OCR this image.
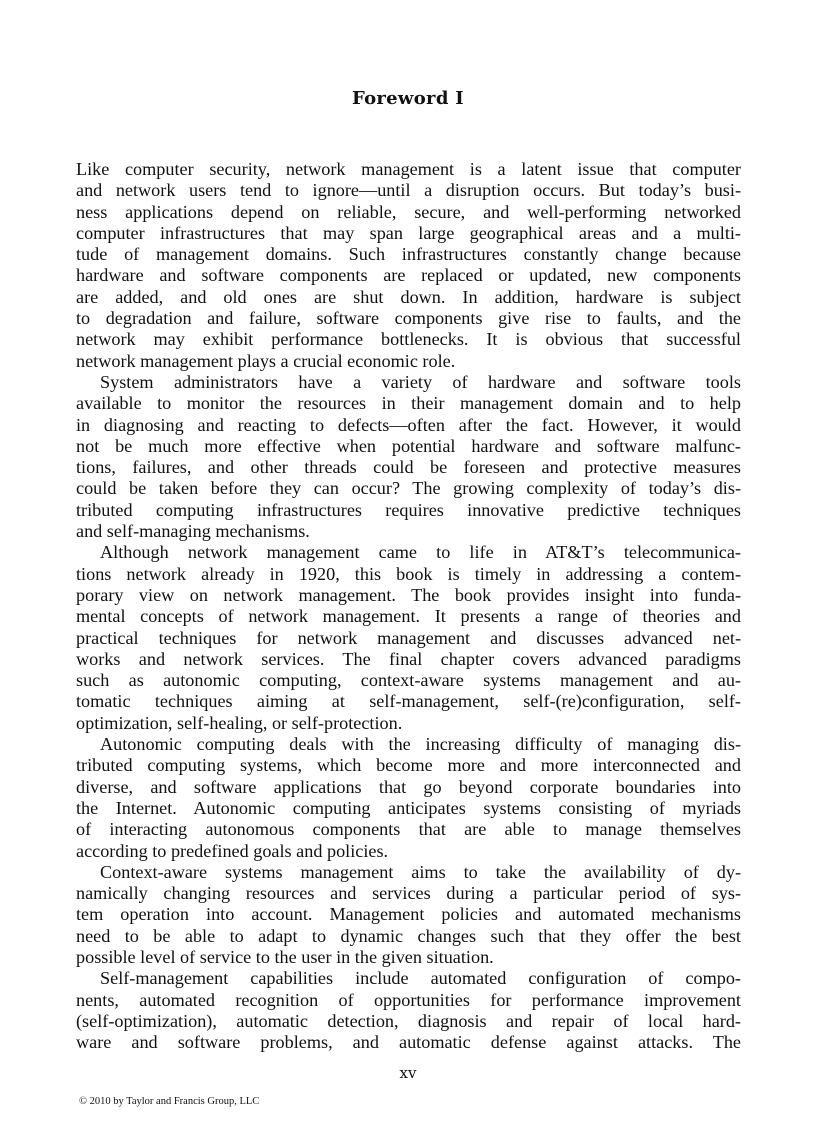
Foreword I
Like computer security, network management is a latent issue that computer
and network users tend to ignore—until a disruption occurs. But today’s busi-
ness applications depend on reliable, secure, and well-performing networked
computer infrastructures that may span large geographical areas and a multi-
tude of management domains. Such infrastructures constantly change because
hardware and software components are replaced or updated, new components
are added, and old ones are shut down. In addition, hardware is subject
to degradation and failure, software components give rise to faults, and the
network may exhibit performance bottlenecks. It is obvious that successful
network management plays a crucial economic role.
System administrators have a variety of hardware and software tools
available to monitor the resources in their management domain and to help
in diagnosing and reacting to defects—often after the fact. However, it would
not be much more effective when potential hardware and software malfunc-
tions, failures, and other threads could be foreseen and protective measures
could be taken before they can occur? The growing complexity of today’s dis-
tributed computing infrastructures requires innovative predictive techniques
and self-managing mechanisms.
Although network management came to life in AT&T’s telecommunica-
tions network already in 1920, this book is timely in addressing a contem-
porary view on network management. The book provides insight into funda-
mental concepts of network management. It presents a range of theories and
practical techniques for network management and discusses advanced net-
works and network services. The final chapter covers advanced paradigms
such as autonomic computing, context-aware systems management and au-
tomatic techniques aiming at self-management, self-(re)configuration, self-
optimization, self-healing, or self-protection.
Autonomic computing deals with the increasing difficulty of managing dis-
tributed computing systems, which become more and more interconnected and
diverse, and software applications that go beyond corporate boundaries into
the Internet. Autonomic computing anticipates systems consisting of myriads
of interacting autonomous components that are able to manage themselves
according to predefined goals and policies.
Context-aware systems management aims to take the availability of dy-
namically changing resources and services during a particular period of sys-
tem operation into account. Management policies and automated mechanisms
need to be able to adapt to dynamic changes such that they offer the best
possible level of service to the user in the given situation.
Self-management capabilities include automated configuration of compo-
nents, automated recognition of opportunities for performance improvement
(self-optimization), automatic detection, diagnosis and repair of local hard-
ware and software problems, and automatic defense against attacks. The
xv
© 2010 by Taylor and Francis Group, LLC
